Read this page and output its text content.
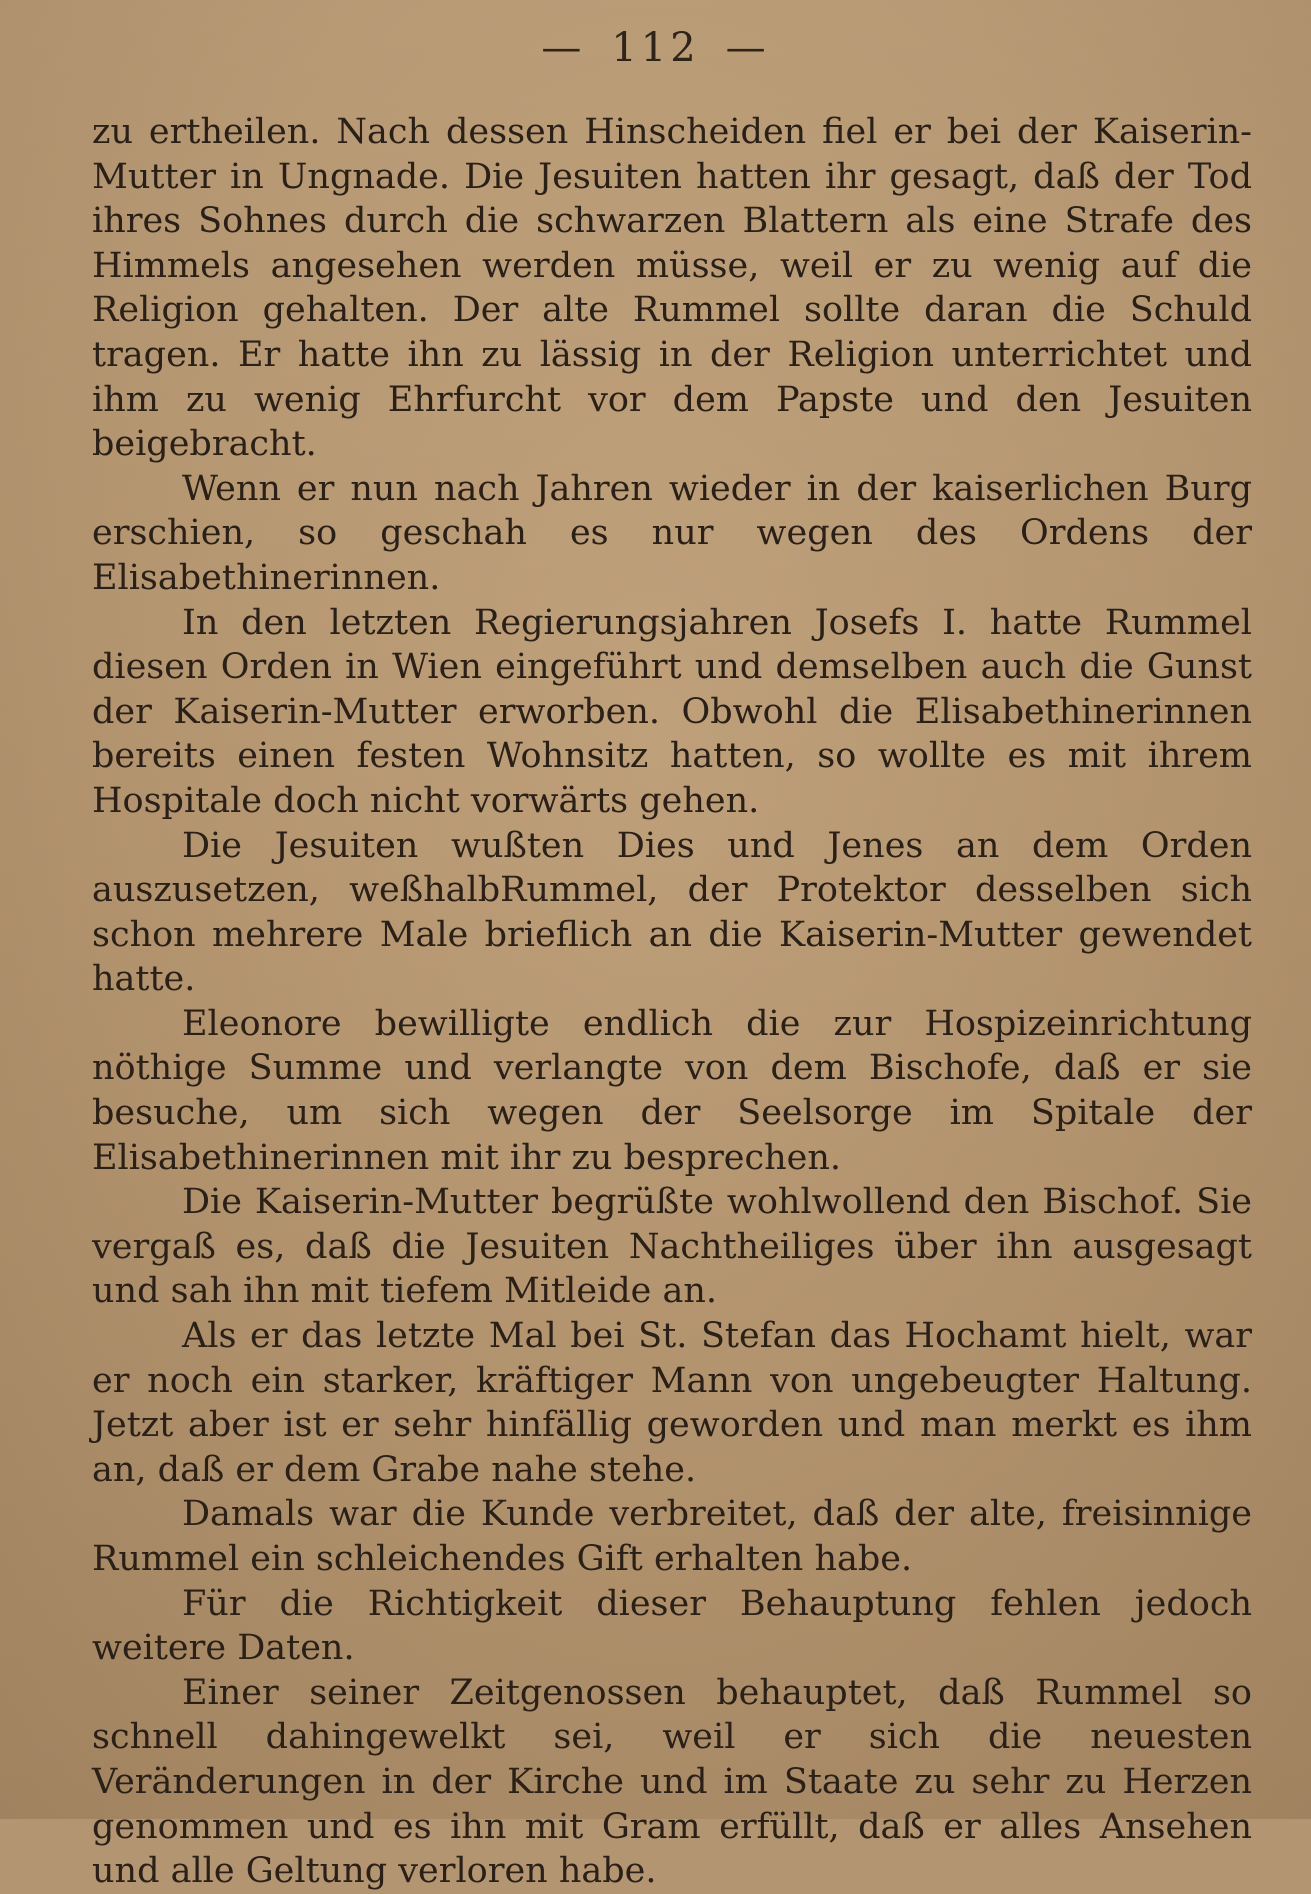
— 112 —

zu ertheilen. Nach dessen Hinscheiden fiel er bei der Kaiserin-Mutter in Ungnade. Die Jesuiten hatten ihr gesagt, daß der Tod ihres Sohnes durch die schwarzen Blattern als eine Strafe des Himmels angesehen werden müsse, weil er zu wenig auf die Religion gehalten. Der alte Rummel sollte daran die Schuld tragen. Er hatte ihn zu lässig in der Religion unterrichtet und ihm zu wenig Ehrfurcht vor dem Papste und den Jesuiten beigebracht.

Wenn er nun nach Jahren wieder in der kaiserlichen Burg erschien, so geschah es nur wegen des Ordens der Elisabethinerinnen.

In den letzten Regierungsjahren Josefs I. hatte Rummel diesen Orden in Wien eingeführt und demselben auch die Gunst der Kaiserin-Mutter erworben. Obwohl die Elisabethinerinnen bereits einen festen Wohnsitz hatten, so wollte es mit ihrem Hospitale doch nicht vorwärts gehen.

Die Jesuiten wußten Dies und Jenes an dem Orden auszusetzen, weßhalbRummel, der Protektor desselben sich schon mehrere Male brieflich an die Kaiserin-Mutter gewendet hatte.

Eleonore bewilligte endlich die zur Hospizeinrichtung nöthige Summe und verlangte von dem Bischofe, daß er sie besuche, um sich wegen der Seelsorge im Spitale der Elisabethinerinnen mit ihr zu besprechen.

Die Kaiserin-Mutter begrüßte wohlwollend den Bischof. Sie vergaß es, daß die Jesuiten Nachtheiliges über ihn ausgesagt und sah ihn mit tiefem Mitleide an.

Als er das letzte Mal bei St. Stefan das Hochamt hielt, war er noch ein starker, kräftiger Mann von ungebeugter Haltung. Jetzt aber ist er sehr hinfällig geworden und man merkt es ihm an, daß er dem Grabe nahe stehe.

Damals war die Kunde verbreitet, daß der alte, freisinnige Rummel ein schleichendes Gift erhalten habe.

Für die Richtigkeit dieser Behauptung fehlen jedoch weitere Daten.

Einer seiner Zeitgenossen behauptet, daß Rummel so schnell dahingewelkt sei, weil er sich die neuesten Veränderungen in der Kirche und im Staate zu sehr zu Herzen genommen und es ihn mit Gram erfüllt, daß er alles Ansehen und alle Geltung verloren habe.
